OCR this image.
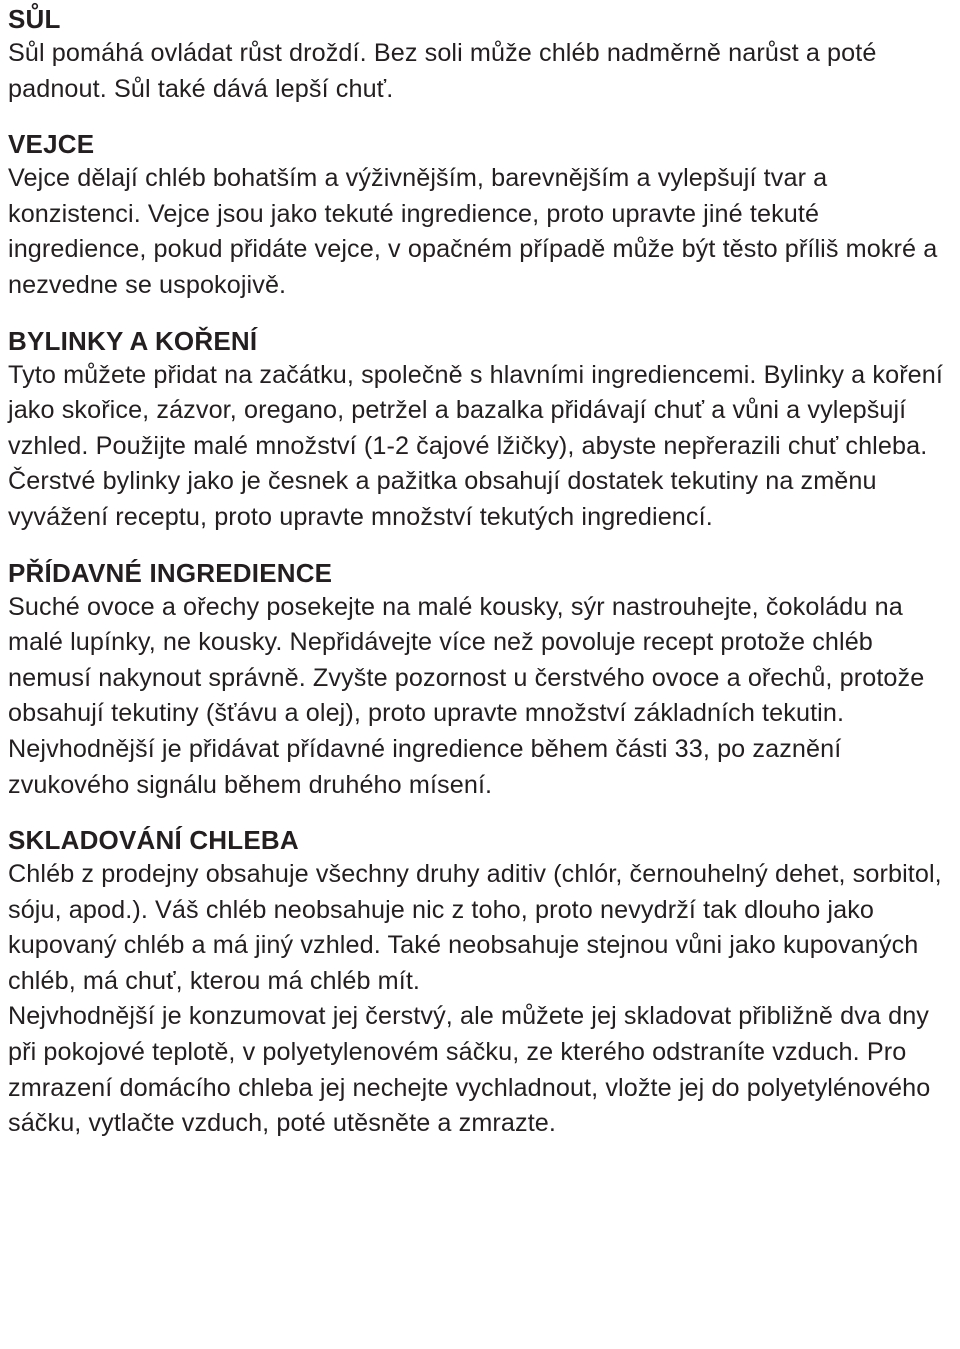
SŮL

Sůl pomáhá ovládat růst droždí. Bez soli může chléb nadměrně narůst a poté padnout. Sůl také dává lepší chuť.

VEJCE

Vejce dělají chléb bohatším a výživnějším, barevnějším a vylepšují tvar a konzistenci. Vejce jsou jako tekuté ingredience, proto upravte jiné tekuté ingredience, pokud přidáte vejce, v opačném případě může být těsto příliš mokré a nezvedne se uspokojivě.

BYLINKY A KOŘENÍ

Tyto můžete přidat na začátku, společně s hlavními ingrediencemi. Bylinky a koření jako skořice, zázvor, oregano, petržel a bazalka přidávají chuť a vůni a vylepšují vzhled. Použijte malé množství (1-2 čajové lžičky), abyste nepřerazili chuť chleba. Čerstvé bylinky jako je česnek a pažitka obsahují dostatek tekutiny na změnu vyvážení receptu, proto upravte množství tekutých ingrediencí.

PŘÍDAVNÉ INGREDIENCE

Suché ovoce a ořechy posekejte na malé kousky, sýr nastrouhejte, čokoládu na malé lupínky, ne kousky. Nepřidávejte více než povoluje recept protože chléb nemusí nakynout správně. Zvyšte pozornost u čerstvého ovoce a ořechů, protože obsahují tekutiny (šťávu a olej), proto upravte množství základních tekutin. Nejvhodnější je přidávat přídavné ingredience během části 33, po zaznění zvukového signálu během druhého mísení.

SKLADOVÁNÍ CHLEBA

Chléb z prodejny obsahuje všechny druhy aditiv (chlór, černouhelný dehet, sorbitol, sóju, apod.). Váš chléb neobsahuje nic z toho, proto nevydrží tak dlouho jako kupovaný chléb a má jiný vzhled. Také neobsahuje stejnou vůni jako kupovaných chléb, má chuť, kterou má chléb mít.

Nejvhodnější je konzumovat jej čerstvý, ale můžete jej skladovat přibližně dva dny při pokojové teplotě, v polyetylenovém sáčku, ze kterého odstraníte vzduch. Pro zmrazení domácího chleba jej nechejte vychladnout, vložte jej do polyetylénového sáčku, vytlačte vzduch, poté utěsněte a zmrazte.
